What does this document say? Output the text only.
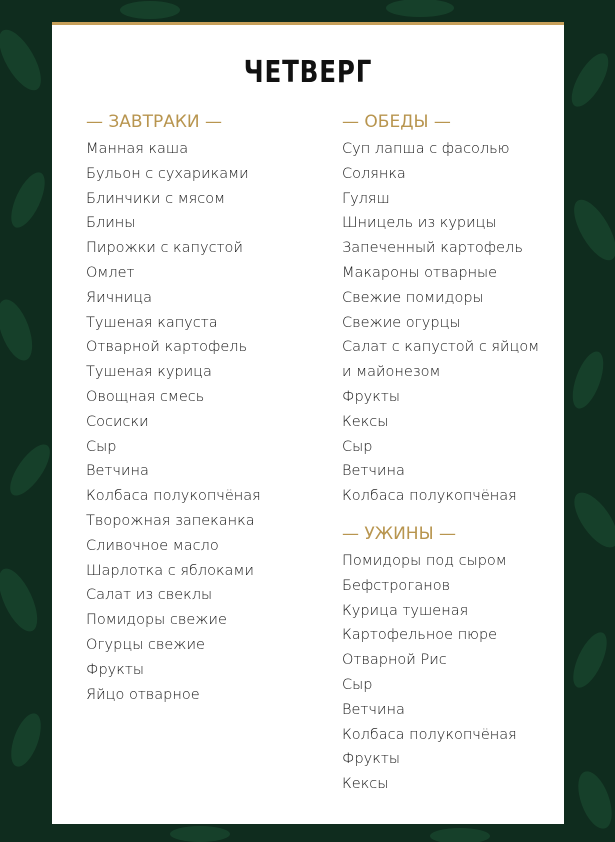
ЧЕТВЕРГ
— ЗАВТРАКИ —
Манная каша
Бульон с сухариками
Блинчики с мясом
Блины
Пирожки с капустой
Омлет
Яичница
Тушеная капуста
Отварной картофель
Тушеная курица
Овощная смесь
Сосиски
Сыр
Ветчина
Колбаса полукопчёная
Творожная запеканка
Сливочное масло
Шарлотка с яблоками
Салат из свеклы
Помидоры свежие
Огурцы свежие
Фрукты
Яйцо отварное
— ОБЕДЫ —
Суп лапша с фасолью
Солянка
Гуляш
Шницель из курицы
Запеченный картофель
Макароны отварные
Свежие помидоры
Свежие огурцы
Салат с капустой с яйцом
и майонезом
Фрукты
Кексы
Сыр
Ветчина
Колбаса полукопчёная
— УЖИНЫ —
Помидоры под сыром
Бефстроганов
Курица тушеная
Картофельное пюре
Отварной Рис
Сыр
Ветчина
Колбаса полукопчёная
Фрукты
Кексы
